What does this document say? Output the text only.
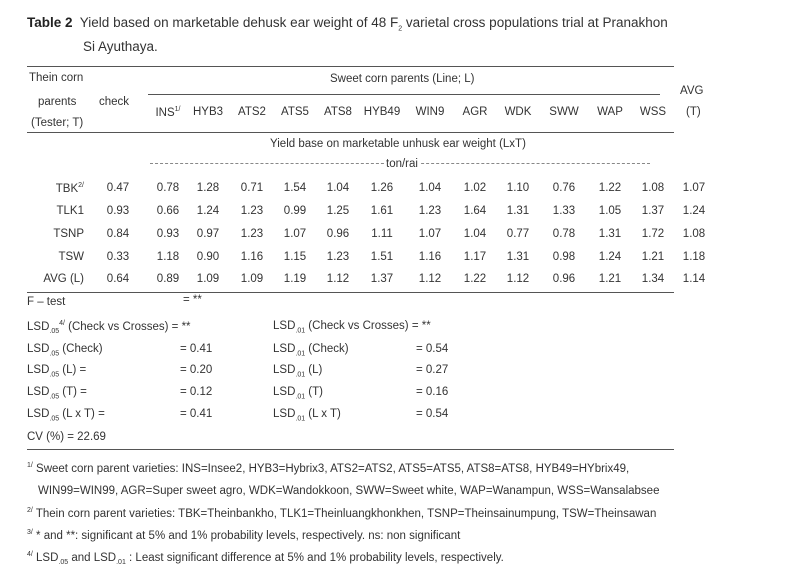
Table 2 Yield based on marketable dehusk ear weight of 48 $F_2$ varietal cross populations trial at Pranakhon
Si Ayuthaya.
Thein corn
parents
(Tester; T)
check
Sweet corn parents (Line; L)
AVG
(T)
$INS^{1/}$	HYB3	ATS2	ATS5	ATS8	HYB49	WIN9	AGR	WDK	SWW	WAP	WSS
Yield base on marketable unhusk ear weight (LxT)
ton/rai
$TBK^{2/}$	0.47	0.78	1.28	0.71	1.54	1.04	1.26	1.04	1.02	1.10	0.76	1.22	1.08	1.07
TLK1	0.93	0.66	1.24	1.23	0.99	1.25	1.61	1.23	1.64	1.31	1.33	1.05	1.37	1.24
TSNP	0.84	0.93	0.97	1.23	1.07	0.96	1.11	1.07	1.04	0.77	0.78	1.31	1.72	1.08
TSW	0.33	1.18	0.90	1.16	1.15	1.23	1.51	1.16	1.17	1.31	0.98	1.24	1.21	1.18
AVG (L)	0.64	0.89	1.09	1.09	1.19	1.12	1.37	1.12	1.22	1.12	0.96	1.21	1.34	1.14
F – test	= **
$LSD_{.05}^{4/}$ (Check vs Crosses) = **	$LSD_{.01}$ (Check vs Crosses) = **
$LSD_{.05}$ (Check)	= 0.41	$LSD_{.01}$ (Check)	= 0.54
$LSD_{.05}$ (L) =	= 0.20	$LSD_{.01}$ (L)	= 0.27
$LSD_{.05}$ (T) =	= 0.12	$LSD_{.01}$ (T)	= 0.16
$LSD_{.05}$ (L x T) =	= 0.41	$LSD_{.01}$ (L x T)	= 0.54
CV (%) = 22.69
$^{1/}$ Sweet corn parent varieties: INS=Insee2, HYB3=Hybrix3, ATS2=ATS2, ATS5=ATS5, ATS8=ATS8, HYB49=HYbrix49,
WIN99=WIN99, AGR=Super sweet agro, WDK=Wandokkoon, SWW=Sweet white, WAP=Wanampun, WSS=Wansalabsee
$^{2/}$ Thein corn parent varieties: TBK=Theinbankho, TLK1=Theinluangkhonkhen, TSNP=Theinsainumpung, TSW=Theinsawan
$^{3/}$ * and **: significant at 5% and 1% probability levels, respectively. ns: non significant
$^{4/}$ $LSD_{.05}$ and $LSD_{.01}$ : Least significant difference at 5% and 1% probability levels, respectively.
